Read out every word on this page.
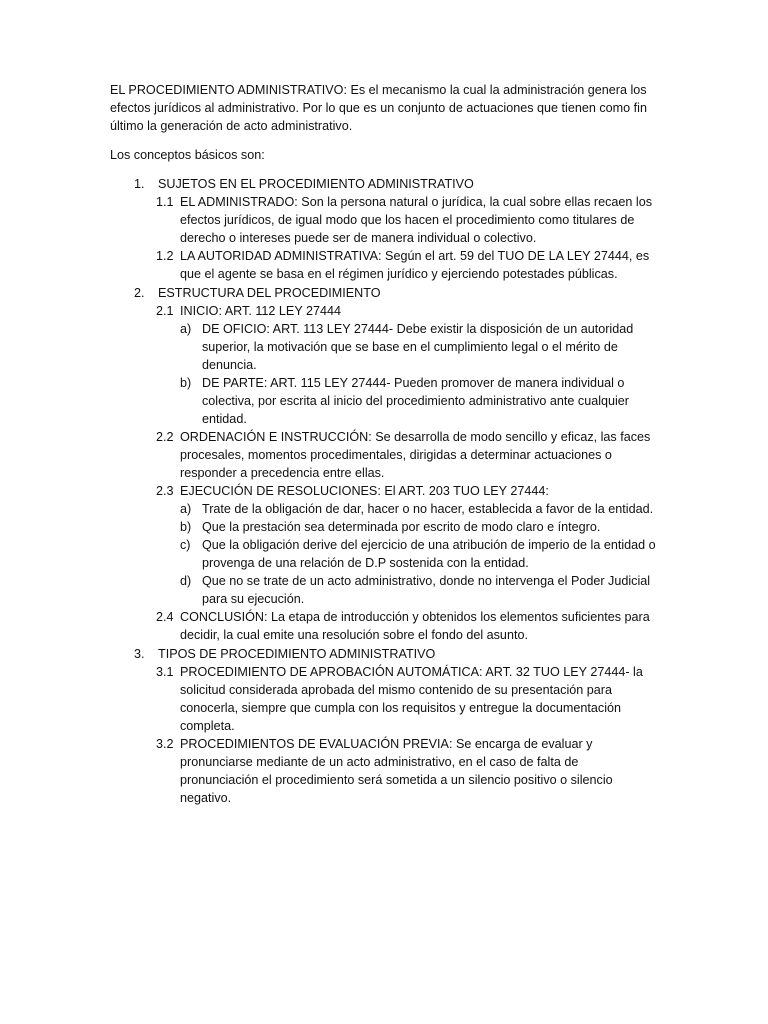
EL PROCEDIMIENTO ADMINISTRATIVO: Es el mecanismo la cual la administración genera los efectos jurídicos al administrativo. Por lo que es un conjunto de actuaciones que tienen como fin último la generación de acto administrativo.

Los conceptos básicos son:

1.	SUJETOS EN EL PROCEDIMIENTO ADMINISTRATIVO
1.1 EL ADMINISTRADO: Son la persona natural o jurídica, la cual sobre ellas recaen los efectos jurídicos, de igual modo que los hacen el procedimiento como titulares de derecho o intereses puede ser de manera individual o colectivo.
1.2 LA AUTORIDAD ADMINISTRATIVA: Según el art. 59 del TUO DE LA LEY 27444, es que el agente se basa en el régimen jurídico y ejerciendo potestades públicas.
2.	ESTRUCTURA DEL PROCEDIMIENTO
2.1 INICIO: ART. 112 LEY 27444
a) DE OFICIO: ART. 113 LEY 27444- Debe existir la disposición de un autoridad superior, la motivación que se base en el cumplimiento legal o el mérito de denuncia.
b) DE PARTE: ART. 115 LEY 27444- Pueden promover de manera individual o colectiva, por escrita al inicio del procedimiento administrativo ante cualquier entidad.
2.2 ORDENACIÓN E INSTRUCCIÓN: Se desarrolla de modo sencillo y eficaz, las faces procesales, momentos procedimentales, dirigidas a determinar actuaciones o responder a precedencia entre ellas.
2.3 EJECUCIÓN DE RESOLUCIONES: El ART. 203 TUO LEY 27444:
a) Trate de la obligación de dar, hacer o no hacer, establecida a favor de la entidad.
b) Que la prestación sea determinada por escrito de modo claro e íntegro.
c) Que la obligación derive del ejercicio de una atribución de imperio de la entidad o provenga de una relación de D.P sostenida con la entidad.
d) Que no se trate de un acto administrativo, donde no intervenga el Poder Judicial para su ejecución.
2.4 CONCLUSIÓN: La etapa de introducción y obtenidos los elementos suficientes para decidir, la cual emite una resolución sobre el fondo del asunto.
3.	TIPOS DE PROCEDIMIENTO ADMINISTRATIVO
3.1 PROCEDIMIENTO DE APROBACIÓN AUTOMÁTICA: ART. 32 TUO LEY 27444- la solicitud considerada aprobada del mismo contenido de su presentación para conocerla, siempre que cumpla con los requisitos y entregue la documentación completa.
3.2 PROCEDIMIENTOS DE EVALUACIÓN PREVIA: Se encarga de evaluar y pronunciarse mediante de un acto administrativo, en el caso de falta de pronunciación el procedimiento será sometida a un silencio positivo o silencio negativo.
